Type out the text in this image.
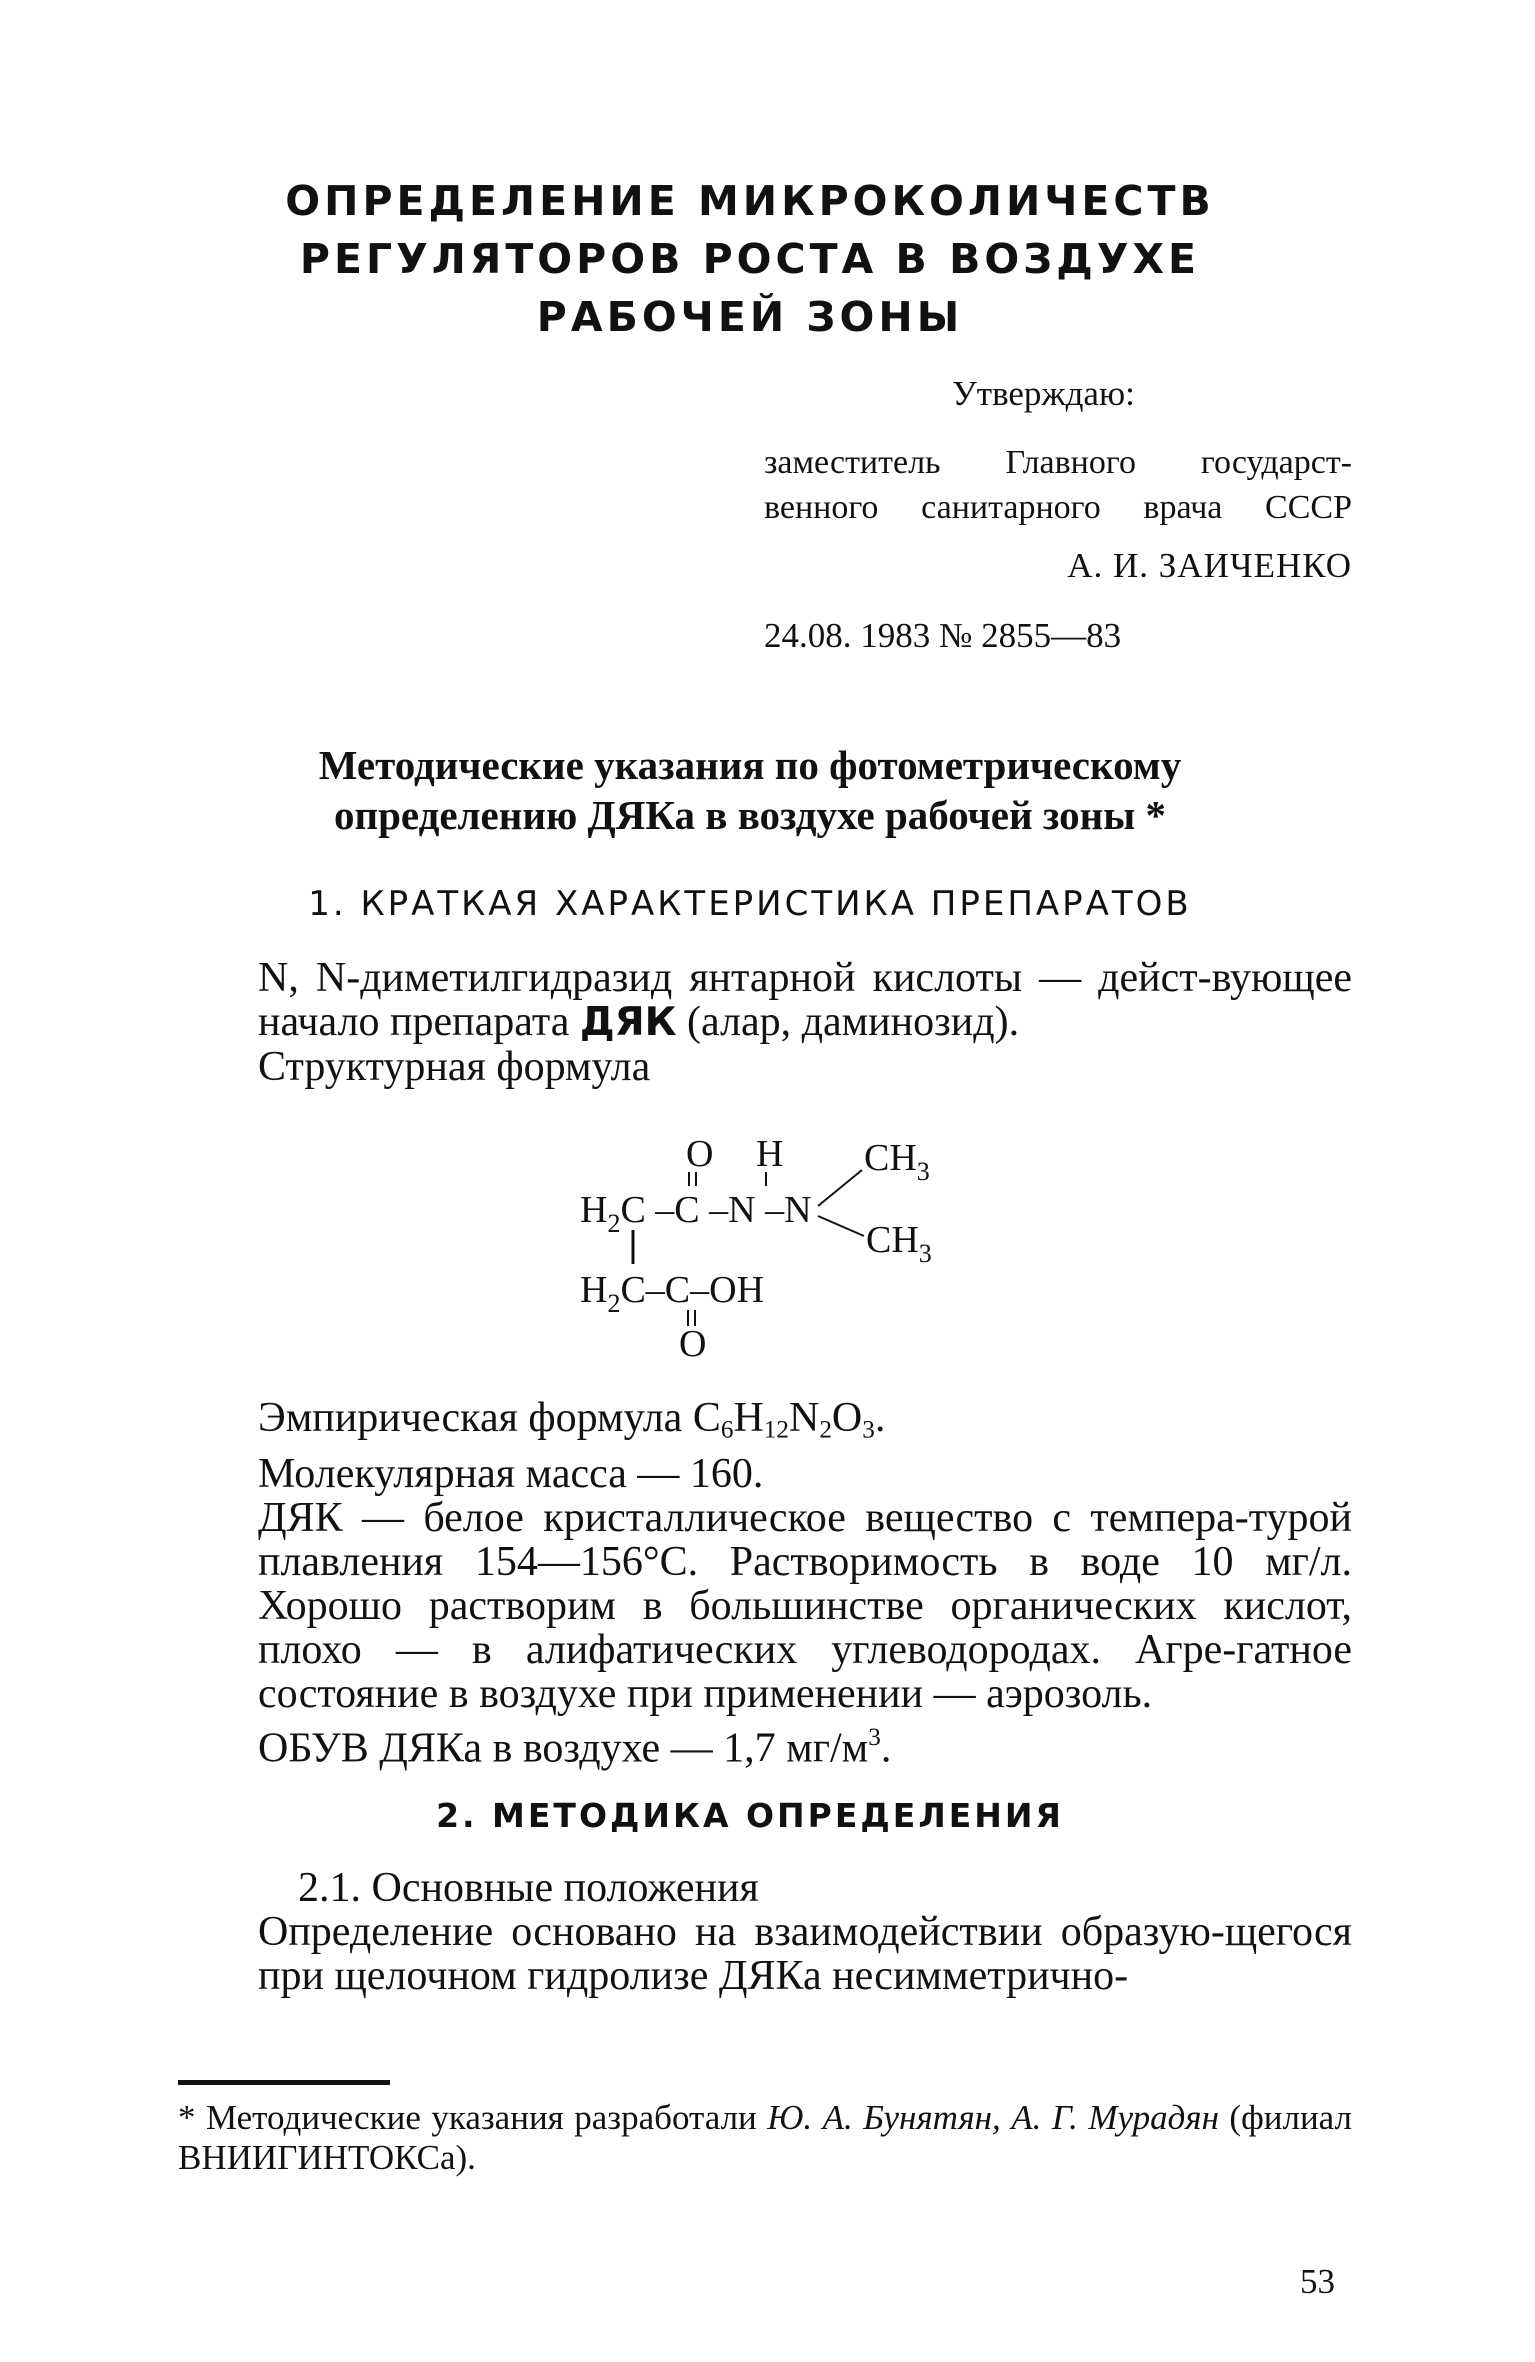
ОПРЕДЕЛЕНИЕ МИКРОКОЛИЧЕСТВ
РЕГУЛЯТОРОВ РОСТА В ВОЗДУХЕ
РАБОЧЕЙ ЗОНЫ
Утверждаю:
заместитель Главного государст-
венного санитарного врача СССР
А. И. ЗАИЧЕНКО
24.08. 1983 № 2855—83
Методические указания по фотометрическому
определению ДЯКа в воздухе рабочей зоны *
1. КРАТКАЯ ХАРАКТЕРИСТИКА ПРЕПАРАТОВ

N, N-диметилгидразид янтарной кислоты — дейст-вующее начало препарата ДЯК (алар, даминозид).

Структурная формула

O H $CH_3$
$H_2C$ –C –N –N
$CH_3$
$H_2C-C-OH$
O

Эмпирическая формула $C_6H_{12}N_2O_3$.

Молекулярная масса — 160.

ДЯК — белое кристаллическое вещество с темпера-турой плавления 154—156°С. Растворимость в воде 10 мг/л. Хорошо растворим в большинстве органических кислот, плохо — в алифатических углеводородах. Агре-гатное состояние в воздухе при применении — аэрозоль.

ОБУВ ДЯКа в воздухе — 1,7 $мг/м^3$.

2. МЕТОДИКА ОПРЕДЕЛЕНИЯ

2.1. Основные положения

Определение основано на взаимодействии образую-щегося при щелочном гидролизе ДЯКа несимметрично-

* Методические указания разработали Ю. А. Бунятян, А. Г. Мурадян (филиал ВНИИГИНТОКСа).
53
